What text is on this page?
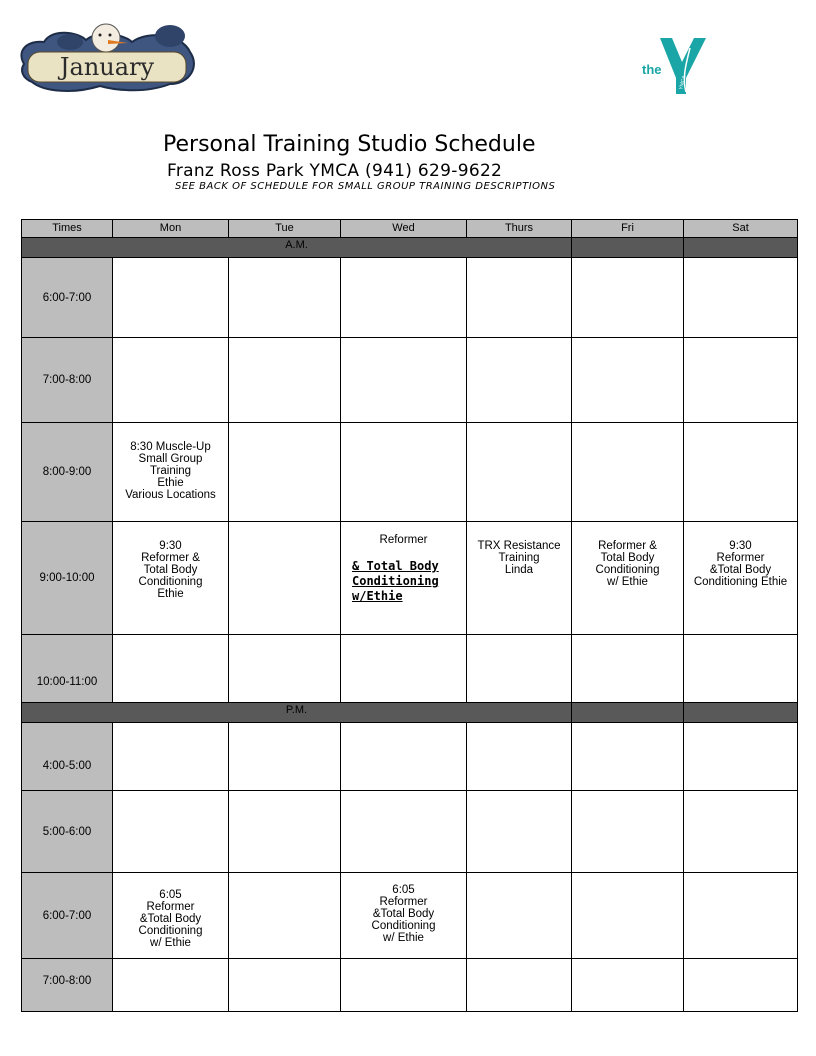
January	the
YMCA
Personal Training Studio Schedule
Franz Ross Park YMCA (941) 629-9622
SEE BACK OF SCHEDULE FOR SMALL GROUP TRAINING DESCRIPTIONS
Times	Mon	Tue	Wed	Thurs	Fri	Sat

A.M.						

6:00-7:00						
7:00-8:00						
8:00-9:00	8:30 Muscle-Up
Small Group
Training
Ethie
Various Locations					
9:00-10:00	9:30
Reformer &
Total Body
Conditioning
Ethie		Reformer

& Total Body
Conditioning
w/Ethie	TRX Resistance
Training
Linda	Reformer &
Total Body
Conditioning
w/ Ethie	9:30
Reformer
&Total Body
Conditioning Ethie
10:00-11:00						

P.M.						

4:00-5:00						
5:00-6:00						
6:00-7:00	6:05
Reformer
&Total Body
Conditioning
w/ Ethie		6:05
Reformer
&Total Body
Conditioning
w/ Ethie			
7:00-8:00						
